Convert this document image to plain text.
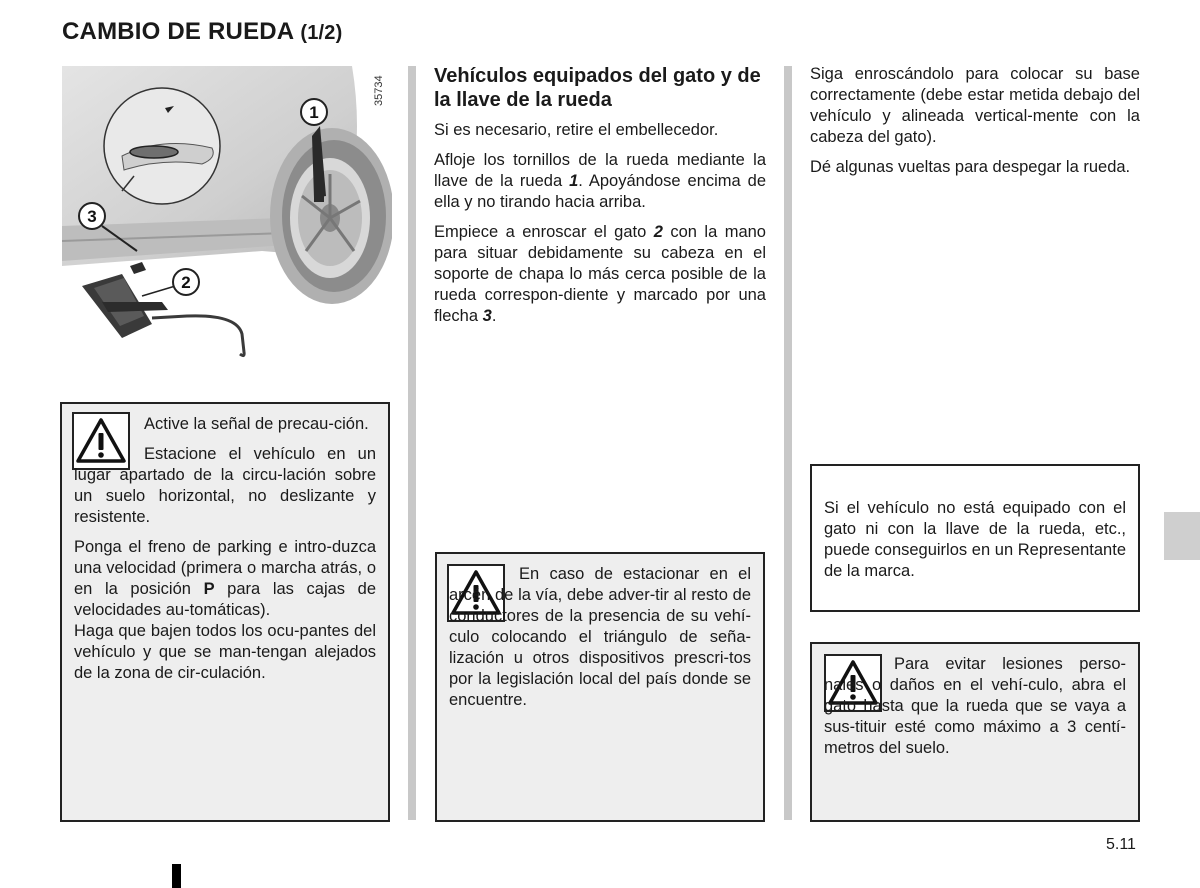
CAMBIO DE RUEDA (1/2)
35734
1
3
2

Active la señal de precau-ción.

Estacione el vehículo en un lugar apartado de la circu-lación sobre un suelo horizontal, no deslizante y resistente.

Ponga el freno de parking e intro-duzca una velocidad (primera o marcha atrás, o en la posición P para las cajas de velocidades au-tomáticas).

Haga que bajen todos los ocu-pantes del vehículo y que se man-tengan alejados de la zona de cir-culación.

Vehículos equipados del gato y de la llave de la rueda

Si es necesario, retire el embellecedor.

Afloje los tornillos de la rueda mediante la llave de la rueda 1. Apoyándose encima de ella y no tirando hacia arriba.

Empiece a enroscar el gato 2 con la mano para situar debidamente su cabeza en el soporte de chapa lo más cerca posible de la rueda correspon-diente y marcado por una flecha 3.

En caso de estacionar en el arcén de la vía, debe adver-tir al resto de conductores de la presencia de su vehí-culo colocando el triángulo de seña-lización u otros dispositivos prescri-tos por la legislación local del país donde se encuentre.

Siga enroscándolo para colocar su base correctamente (debe estar metida debajo del vehículo y alineada vertical-mente con la cabeza del gato).

Dé algunas vueltas para despegar la rueda.

Si el vehículo no está equipado con el gato ni con la llave de la rueda, etc., puede conseguirlos en un Representante de la marca.

Para evitar lesiones perso-nales o daños en el vehí-culo, abra el gato hasta que la rueda que se vaya a sus-tituir esté como máximo a 3 centí-metros del suelo.

5.11
